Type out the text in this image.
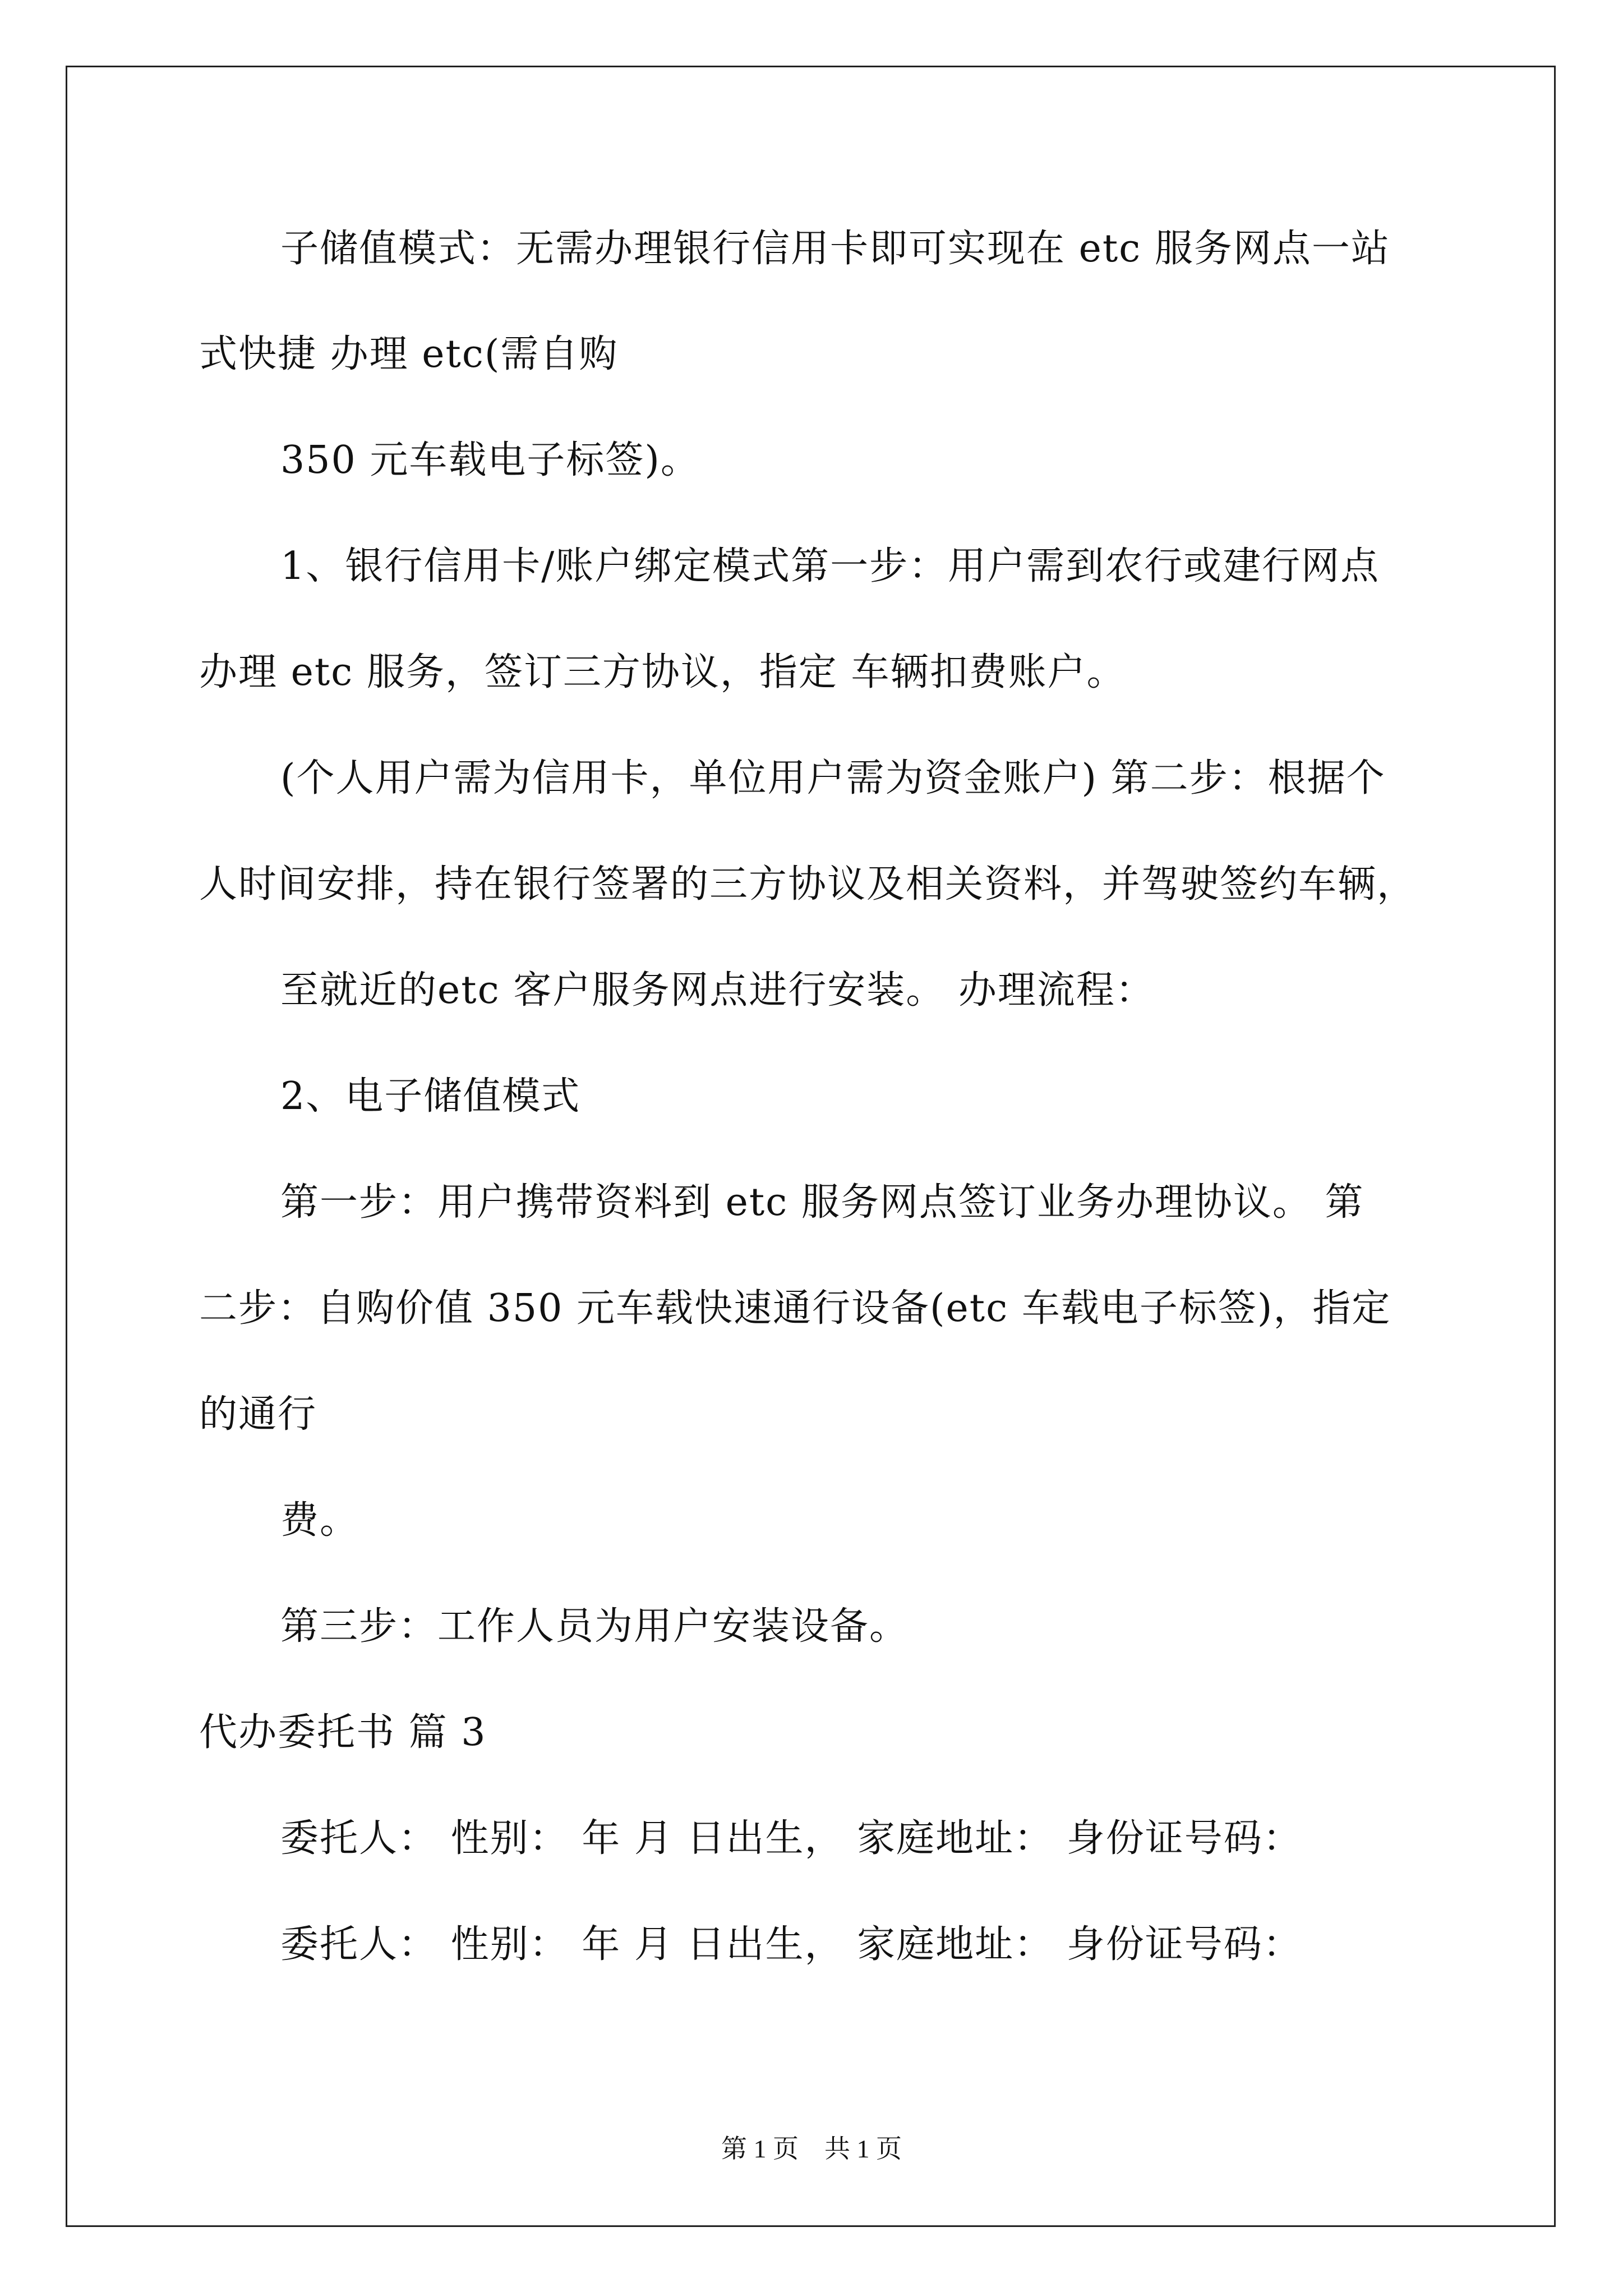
子储值模式：无需办理银行信用卡即可实现在 etc 服务网点一站
式快捷 办理 etc(需自购
350 元车载电子标签)。
1、银行信用卡/账户绑定模式第一步：用户需到农行或建行网点
办理 etc 服务，签订三方协议，指定 车辆扣费账户。
(个人用户需为信用卡，单位用户需为资金账户) 第二步：根据个
人时间安排，持在银行签署的三方协议及相关资料，并驾驶签约车辆，
至就近的etc 客户服务网点进行安装。 办理流程：
2、电子储值模式
第一步：用户携带资料到 etc 服务网点签订业务办理协议。 第
二步：自购价值 350 元车载快速通行设备(etc 车载电子标签)，指定
的通行
费。
第三步：工作人员为用户安装设备。
代办委托书 篇 3
委托人： 性别： 年 月 日出生， 家庭地址： 身份证号码：
委托人： 性别： 年 月 日出生， 家庭地址： 身份证号码：
第 1 页    共 1 页
